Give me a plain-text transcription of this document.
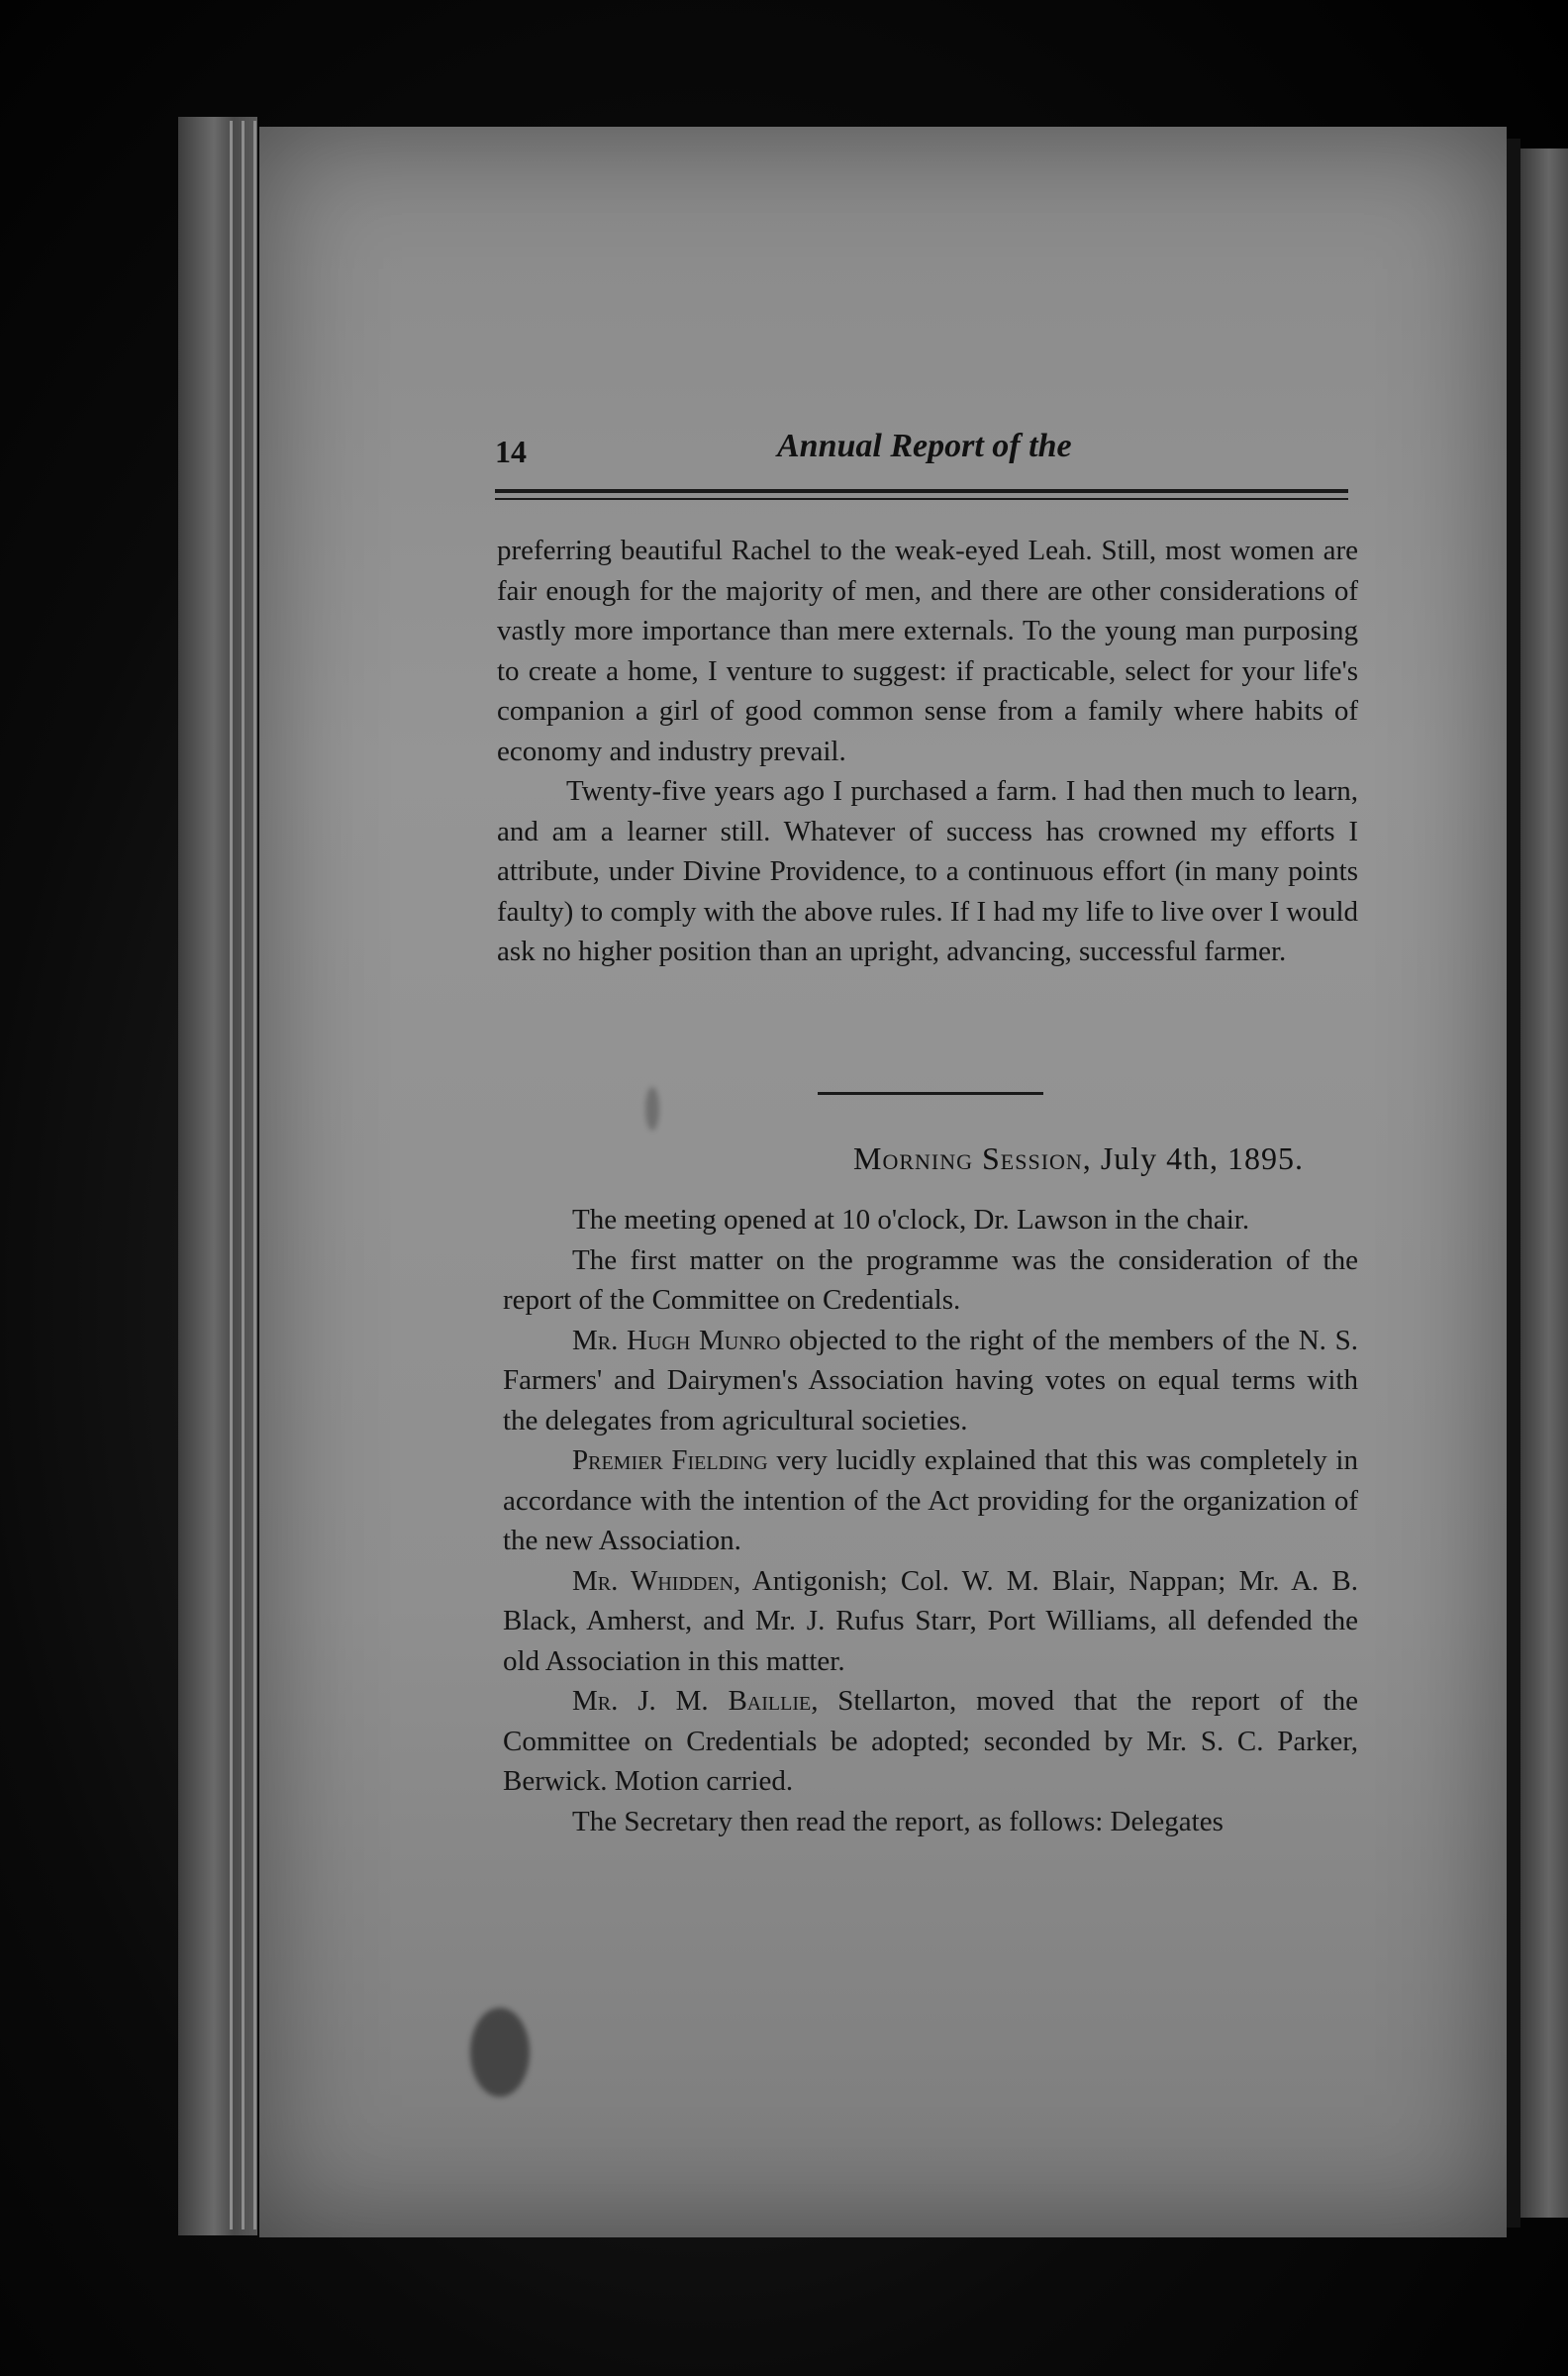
14	Annual Report of the

preferring beautiful Rachel to the weak-eyed Leah. Still, most women are fair enough for the majority of men, and there are other considerations of vastly more importance than mere externals. To the young man purposing to create a home, I venture to suggest: if practicable, select for your life's companion a girl of good common sense from a family where habits of economy and industry prevail.

Twenty-five years ago I purchased a farm. I had then much to learn, and am a learner still. Whatever of success has crowned my efforts I attribute, under Divine Providence, to a continuous effort (in many points faulty) to comply with the above rules. If I had my life to live over I would ask no higher position than an upright, advancing, successful farmer.

Morning Session, July 4th, 1895.

The meeting opened at 10 o'clock, Dr. Lawson in the chair.

The first matter on the programme was the consideration of the report of the Committee on Credentials.

Mr. Hugh Munro objected to the right of the members of the N. S. Farmers' and Dairymen's Association having votes on equal terms with the delegates from agricultural societies.

Premier Fielding very lucidly explained that this was completely in accordance with the intention of the Act providing for the organization of the new Association.

Mr. Whidden, Antigonish; Col. W. M. Blair, Nappan; Mr. A. B. Black, Amherst, and Mr. J. Rufus Starr, Port Williams, all defended the old Association in this matter.

Mr. J. M. Baillie, Stellarton, moved that the report of the Committee on Credentials be adopted; seconded by Mr. S. C. Parker, Berwick. Motion carried.

The Secretary then read the report, as follows: Delegates
